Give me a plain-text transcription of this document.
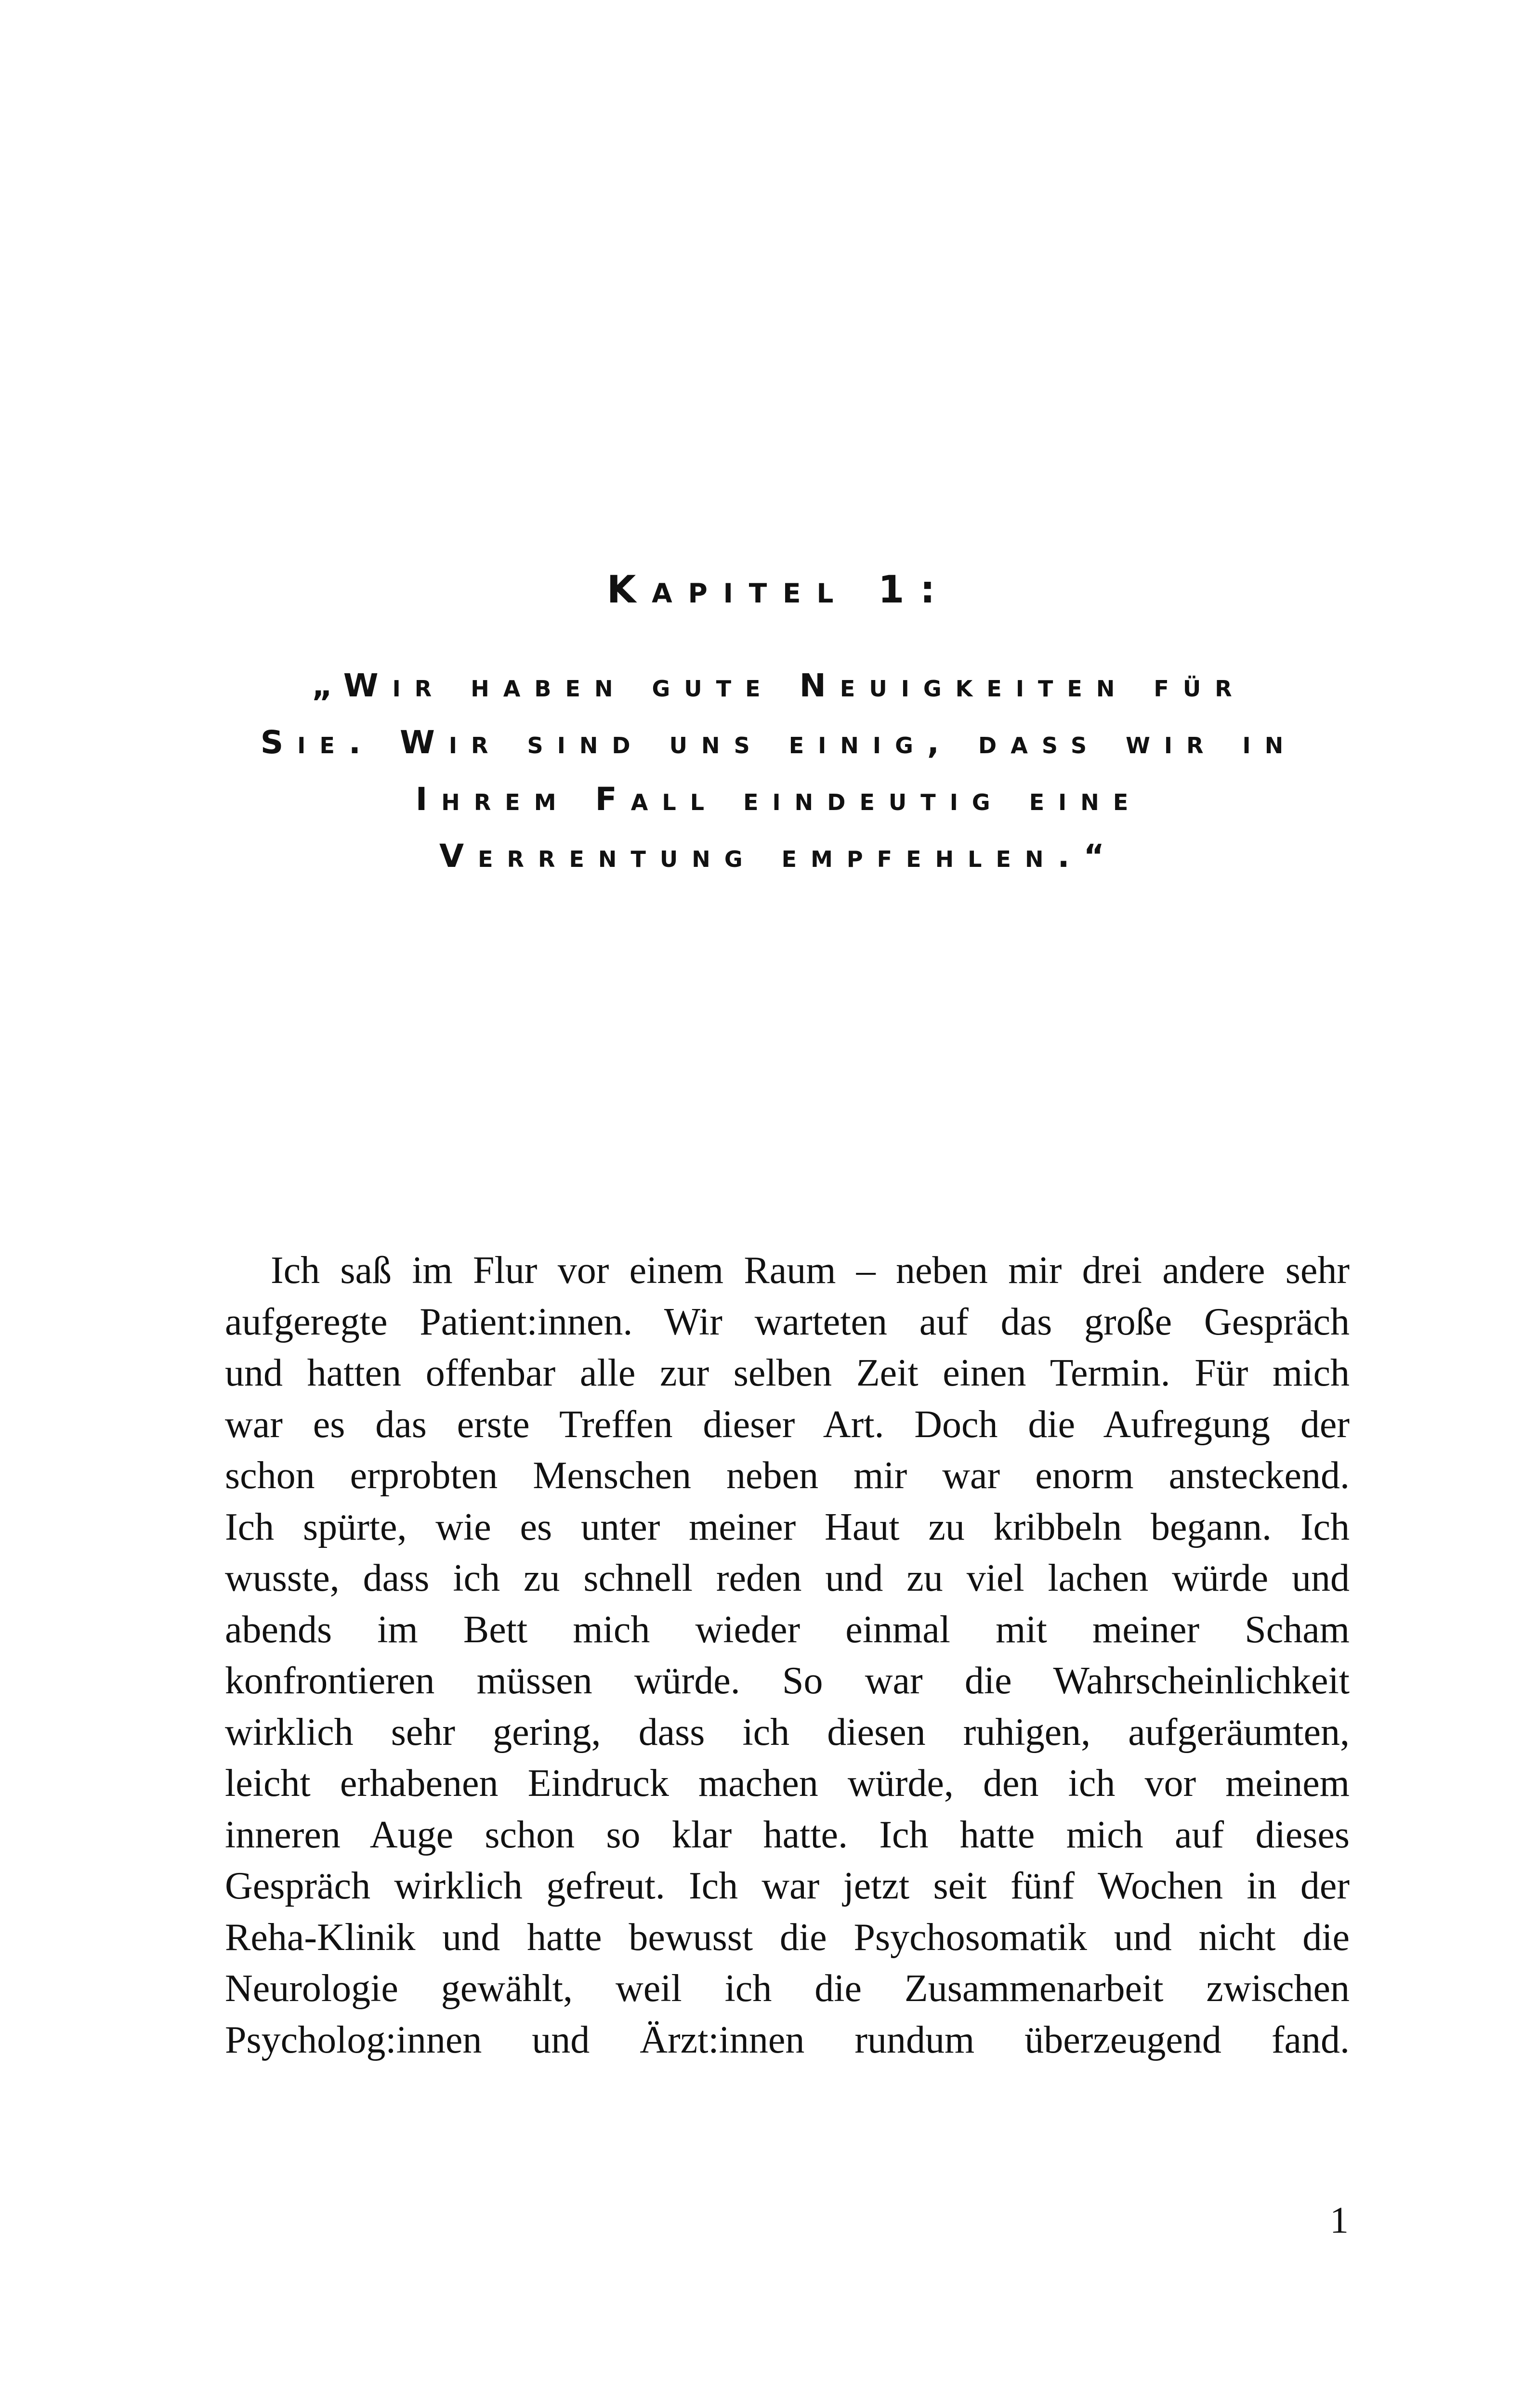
Kapitel 1:
„Wir haben gute Neuigkeiten für
Sie. Wir sind uns einig, dass wir in
Ihrem Fall eindeutig eine
Verrentung empfehlen.“
Ich saß im Flur vor einem Raum – neben mir drei andere sehr
aufgeregte Patient:innen. Wir warteten auf das große Gespräch
und hatten offenbar alle zur selben Zeit einen Termin. Für mich
war es das erste Treffen dieser Art. Doch die Aufregung der
schon erprobten Menschen neben mir war enorm ansteckend.
Ich spürte, wie es unter meiner Haut zu kribbeln begann. Ich
wusste, dass ich zu schnell reden und zu viel lachen würde und
abends im Bett mich wieder einmal mit meiner Scham
konfrontieren müssen würde. So war die Wahrscheinlichkeit
wirklich sehr gering, dass ich diesen ruhigen, aufgeräumten,
leicht erhabenen Eindruck machen würde, den ich vor meinem
inneren Auge schon so klar hatte. Ich hatte mich auf dieses
Gespräch wirklich gefreut. Ich war jetzt seit fünf Wochen in der
Reha-Klinik und hatte bewusst die Psychosomatik und nicht die
Neurologie gewählt, weil ich die Zusammenarbeit zwischen
Psycholog:innen und Ärzt:innen rundum überzeugend fand.
1
